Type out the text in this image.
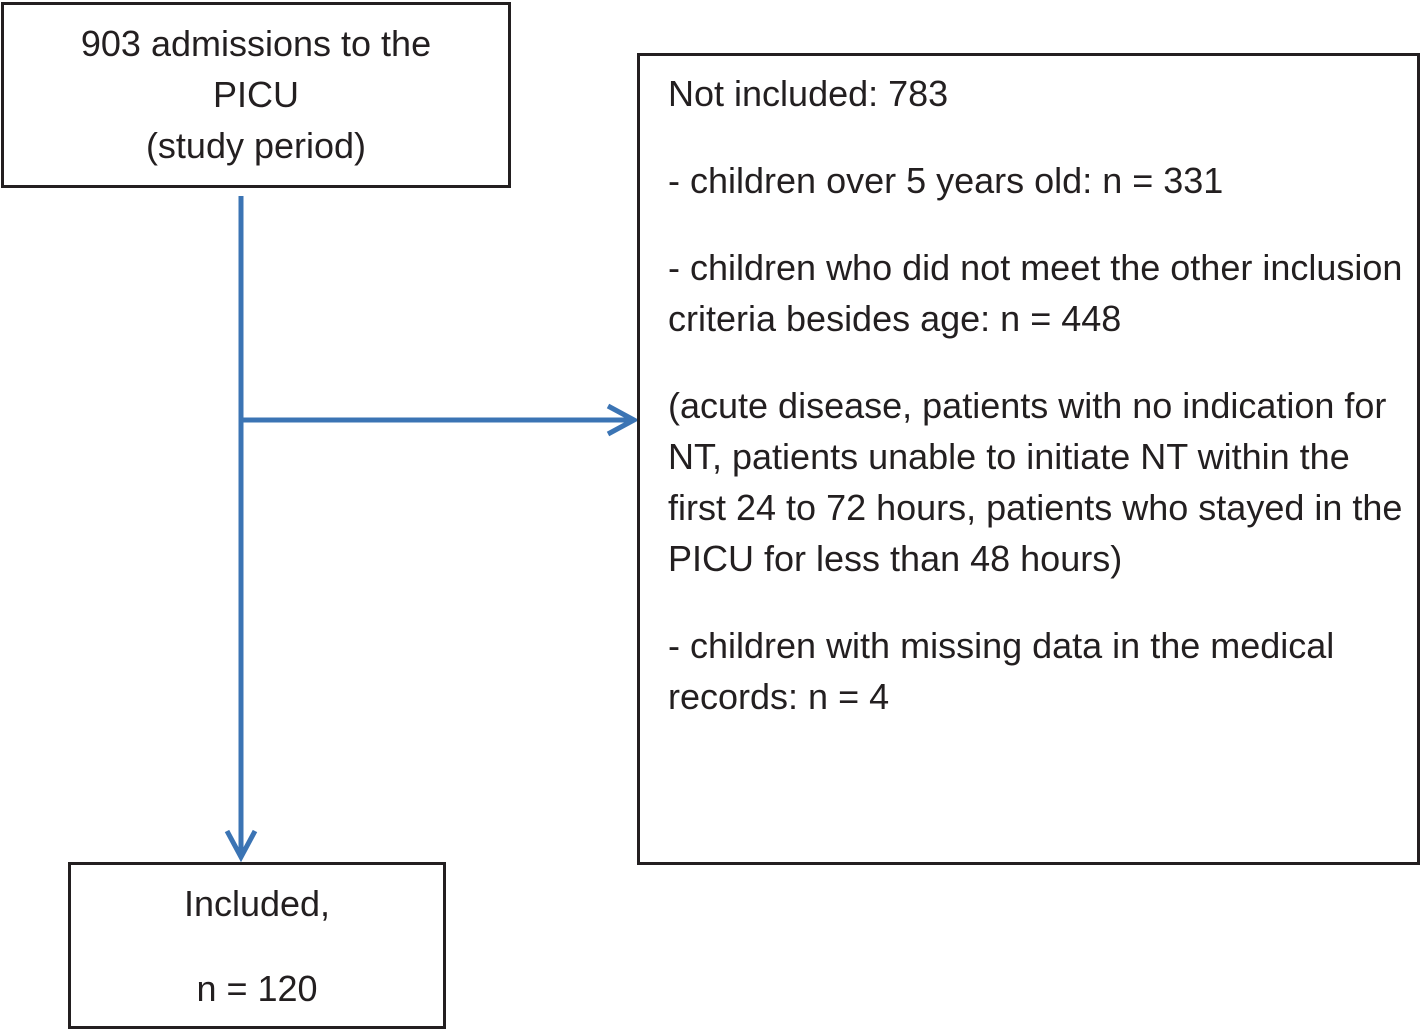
903 admissions to the
PICU
(study period)

Not included: 783

- children over 5 years old: n = 331

- children who did not meet the other inclusion criteria besides age: n = 448

(acute disease, patients with no indication for NT, patients unable to initiate NT within the first 24 to 72 hours, patients who stayed in the PICU for less than 48 hours)

- children with missing data in the medical records: n = 4

Included,
n = 120
